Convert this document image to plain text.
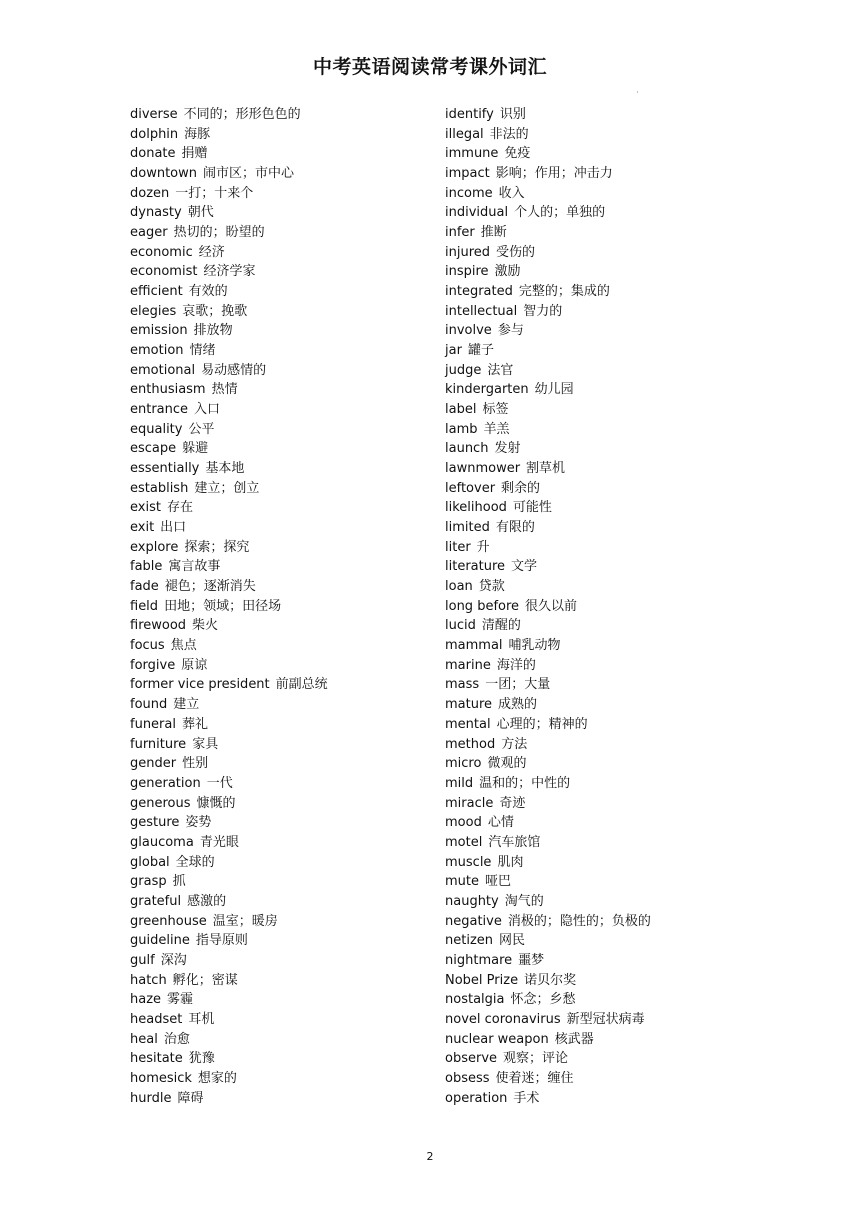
中考英语阅读常考课外词汇
·
diverse 不同的；形形色色的
dolphin 海豚
donate 捐赠
downtown 闹市区；市中心
dozen 一打；十来个
dynasty 朝代
eager 热切的；盼望的
economic 经济
economist 经济学家
efficient 有效的
elegies 哀歌；挽歌
emission 排放物
emotion 情绪
emotional 易动感情的
enthusiasm 热情
entrance 入口
equality 公平
escape 躲避
essentially 基本地
establish 建立；创立
exist 存在
exit 出口
explore 探索；探究
fable 寓言故事
fade 褪色；逐渐消失
field 田地；领域；田径场
firewood 柴火
focus 焦点
forgive 原谅
former vice president 前副总统
found 建立
funeral 葬礼
furniture 家具
gender 性别
generation 一代
generous 慷慨的
gesture 姿势
glaucoma 青光眼
global 全球的
grasp 抓
grateful 感激的
greenhouse 温室；暖房
guideline 指导原则
gulf 深沟
hatch 孵化；密谋
haze 雾霾
headset 耳机
heal 治愈
hesitate 犹豫
homesick 想家的
hurdle 障碍
identify 识别
illegal 非法的
immune 免疫
impact 影响；作用；冲击力
income 收入
individual 个人的；单独的
infer 推断
injured 受伤的
inspire 激励
integrated 完整的；集成的
intellectual 智力的
involve 参与
jar 罐子
judge 法官
kindergarten 幼儿园
label 标签
lamb 羊羔
launch 发射
lawnmower 割草机
leftover 剩余的
likelihood 可能性
limited 有限的
liter 升
literature 文学
loan 贷款
long before 很久以前
lucid 清醒的
mammal 哺乳动物
marine 海洋的
mass 一团；大量
mature 成熟的
mental 心理的；精神的
method 方法
micro 微观的
mild 温和的；中性的
miracle 奇迹
mood 心情
motel 汽车旅馆
muscle 肌肉
mute 哑巴
naughty 淘气的
negative 消极的；隐性的；负极的
netizen 网民
nightmare 噩梦
Nobel Prize 诺贝尔奖
nostalgia 怀念；乡愁
novel coronavirus 新型冠状病毒
nuclear weapon 核武器
observe 观察；评论
obsess 使着迷；缠住
operation 手术
2
